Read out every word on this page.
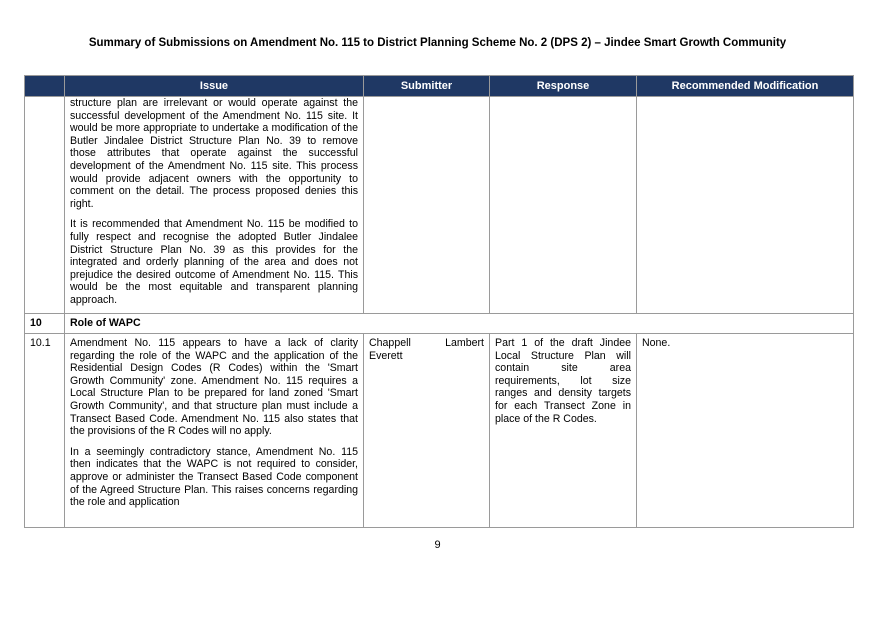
Summary of Submissions on Amendment No. 115 to District Planning Scheme No. 2 (DPS 2) – Jindee Smart Growth Community
	Issue	Submitter	Response	Recommended Modification

	structure plan are irrelevant or would operate against the successful development of the Amendment No. 115 site. It would be more appropriate to undertake a modification of the Butler Jindalee District Structure Plan No. 39 to remove those attributes that operate against the successful development of the Amendment No. 115 site. This process would provide adjacent owners with the opportunity to comment on the detail. The process proposed denies this right.

It is recommended that Amendment No. 115 be modified to fully respect and recognise the adopted Butler Jindalee District Structure Plan No. 39 as this provides for the integrated and orderly planning of the area and does not prejudice the desired outcome of Amendment No. 115. This would be the most equitable and transparent planning approach.			

10	Role of WAPC			
10.1	Amendment No. 115 appears to have a lack of clarity regarding the role of the WAPC and the application of the Residential Design Codes (R Codes) within the 'Smart Growth Community' zone. Amendment No. 115 requires a Local Structure Plan to be prepared for land zoned 'Smart Growth Community', and that structure plan must include a Transect Based Code. Amendment No. 115 also states that the provisions of the R Codes will no apply.

In a seemingly contradictory stance, Amendment No. 115 then indicates that the WAPC is not required to consider, approve or administer the Transect Based Code component of the Agreed Structure Plan. This raises concerns regarding the role and application	Chappell Lambert Everett	Part 1 of the draft Jindee Local Structure Plan will contain site area requirements, lot size ranges and density targets for each Transect Zone in place of the R Codes.	None.
9
